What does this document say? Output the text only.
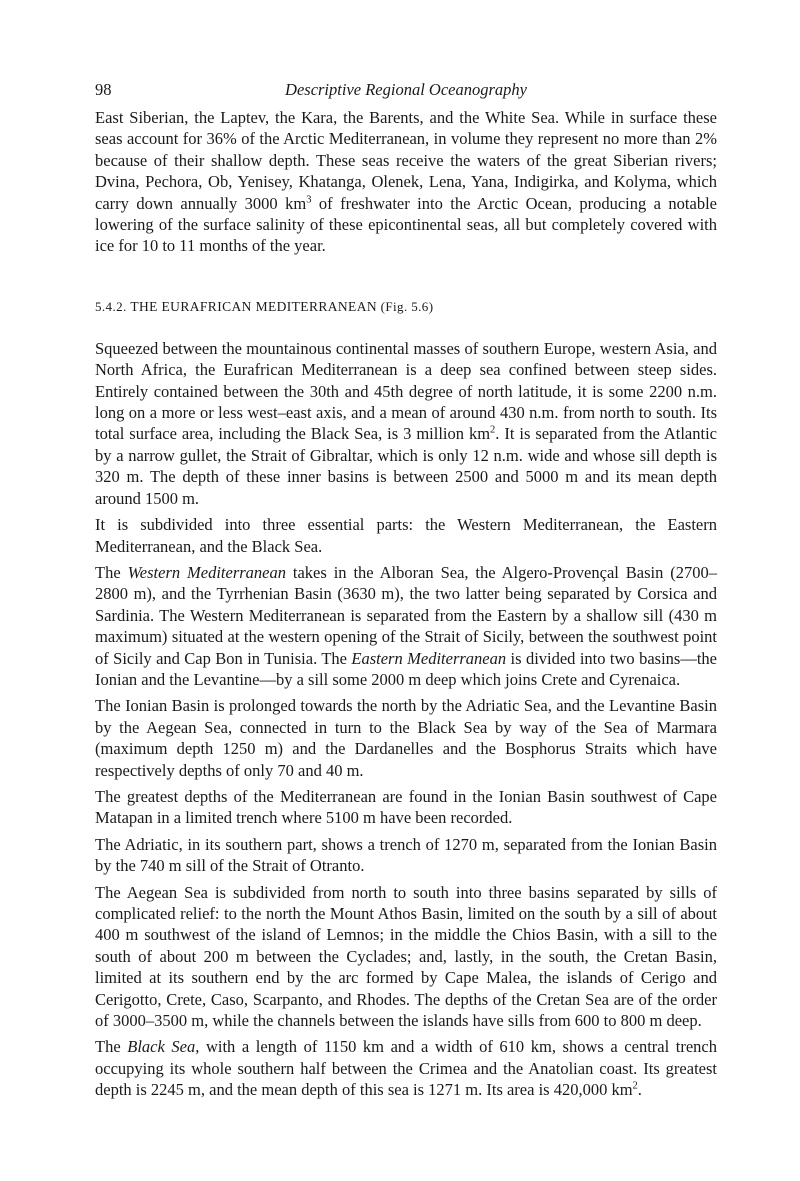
98	Descriptive Regional Oceanography

East Siberian, the Laptev, the Kara, the Barents, and the White Sea. While in surface these seas account for 36% of the Arctic Mediterranean, in volume they represent no more than 2% because of their shallow depth. These seas receive the waters of the great Siberian rivers; Dvina, Pechora, Ob, Yenisey, Khatanga, Olenek, Lena, Yana, Indigirka, and Kolyma, which carry down annually 3000 $km^3$ of freshwater into the Arctic Ocean, producing a notable lowering of the surface salinity of these epicontinental seas, all but completely covered with ice for 10 to 11 months of the year.

5.4.2. THE EURAFRICAN MEDITERRANEAN (Fig. 5.6)

Squeezed between the mountainous continental masses of southern Europe, western Asia, and North Africa, the Eurafrican Mediterranean is a deep sea confined between steep sides. Entirely contained between the 30th and 45th degree of north latitude, it is some 2200 n.m. long on a more or less west–east axis, and a mean of around 430 n.m. from north to south. Its total surface area, including the Black Sea, is 3 million $km^2$. It is separated from the Atlantic by a narrow gullet, the Strait of Gibraltar, which is only 12 n.m. wide and whose sill depth is 320 m. The depth of these inner basins is between 2500 and 5000 m and its mean depth around 1500 m.

It is subdivided into three essential parts: the Western Mediterranean, the Eastern Mediterranean, and the Black Sea.

The Western Mediterranean takes in the Alboran Sea, the Algero-Provençal Basin (2700–2800 m), and the Tyrrhenian Basin (3630 m), the two latter being separated by Corsica and Sardinia. The Western Mediterranean is separated from the Eastern by a shallow sill (430 m maximum) situated at the western opening of the Strait of Sicily, between the southwest point of Sicily and Cap Bon in Tunisia. The Eastern Mediterranean is divided into two basins—the Ionian and the Levantine—by a sill some 2000 m deep which joins Crete and Cyrenaica.

The Ionian Basin is prolonged towards the north by the Adriatic Sea, and the Levantine Basin by the Aegean Sea, connected in turn to the Black Sea by way of the Sea of Marmara (maximum depth 1250 m) and the Dardanelles and the Bosphorus Straits which have respectively depths of only 70 and 40 m.

The greatest depths of the Mediterranean are found in the Ionian Basin southwest of Cape Matapan in a limited trench where 5100 m have been recorded.

The Adriatic, in its southern part, shows a trench of 1270 m, separated from the Ionian Basin by the 740 m sill of the Strait of Otranto.

The Aegean Sea is subdivided from north to south into three basins separated by sills of complicated relief: to the north the Mount Athos Basin, limited on the south by a sill of about 400 m southwest of the island of Lemnos; in the middle the Chios Basin, with a sill to the south of about 200 m between the Cyclades; and, lastly, in the south, the Cretan Basin, limited at its southern end by the arc formed by Cape Malea, the islands of Cerigo and Cerigotto, Crete, Caso, Scarpanto, and Rhodes. The depths of the Cretan Sea are of the order of 3000–3500 m, while the channels between the islands have sills from 600 to 800 m deep.

The Black Sea, with a length of 1150 km and a width of 610 km, shows a central trench occupying its whole southern half between the Crimea and the Anatolian coast. Its greatest depth is 2245 m, and the mean depth of this sea is 1271 m. Its area is 420,000 $km^2$.
